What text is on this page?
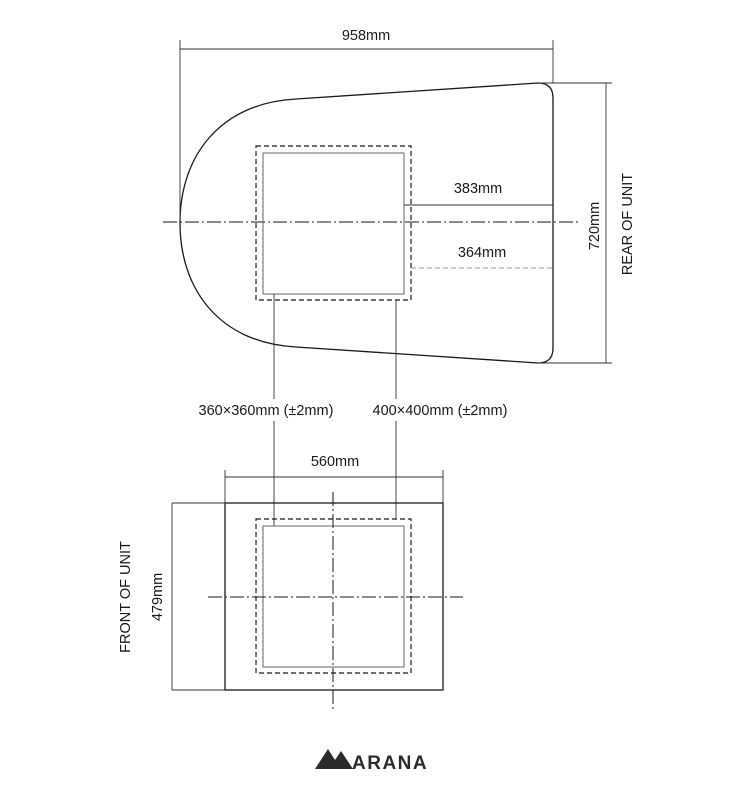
958mm
720mm REAR OF UNIT
383mm
364mm
360×360mm (±2mm)	400×400mm (±2mm)
560mm
479mm
FRONT OF UNIT
ARANA
